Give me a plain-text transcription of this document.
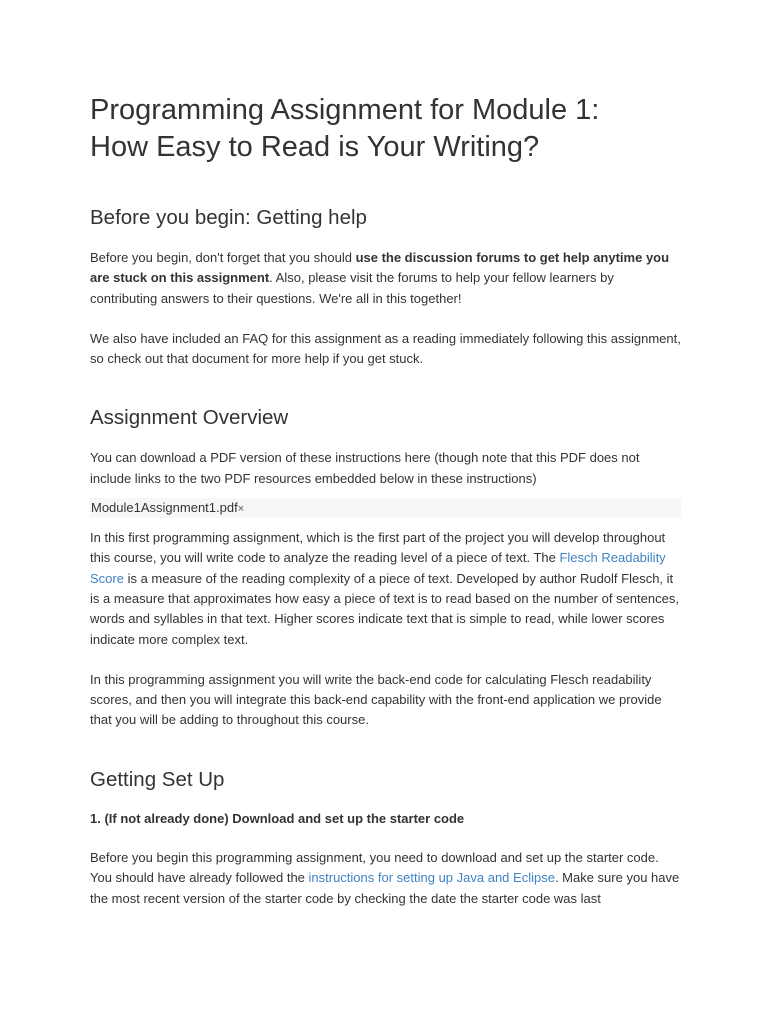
Programming Assignment for Module 1:
How Easy to Read is Your Writing?
Before you begin: Getting help

Before you begin, don't forget that you should use the discussion forums to get help anytime you are stuck on this assignment. Also, please visit the forums to help your fellow learners by contributing answers to their questions. We're all in this together!

We also have included an FAQ for this assignment as a reading immediately following this assignment, so check out that document for more help if you get stuck.

Assignment Overview

You can download a PDF version of these instructions here (though note that this PDF does not include links to the two PDF resources embedded below in these instructions)

Module1Assignment1.pdf×

In this first programming assignment, which is the first part of the project you will develop throughout this course, you will write code to analyze the reading level of a piece of text. The Flesch Readability Score is a measure of the reading complexity of a piece of text. Developed by author Rudolf Flesch, it is a measure that approximates how easy a piece of text is to read based on the number of sentences, words and syllables in that text. Higher scores indicate text that is simple to read, while lower scores indicate more complex text.

In this programming assignment you will write the back-end code for calculating Flesch readability scores, and then you will integrate this back-end capability with the front-end application we provide that you will be adding to throughout this course.

Getting Set Up

1. (If not already done) Download and set up the starter code

Before you begin this programming assignment, you need to download and set up the starter code. You should have already followed the instructions for setting up Java and Eclipse. Make sure you have the most recent version of the starter code by checking the date the starter code was last
